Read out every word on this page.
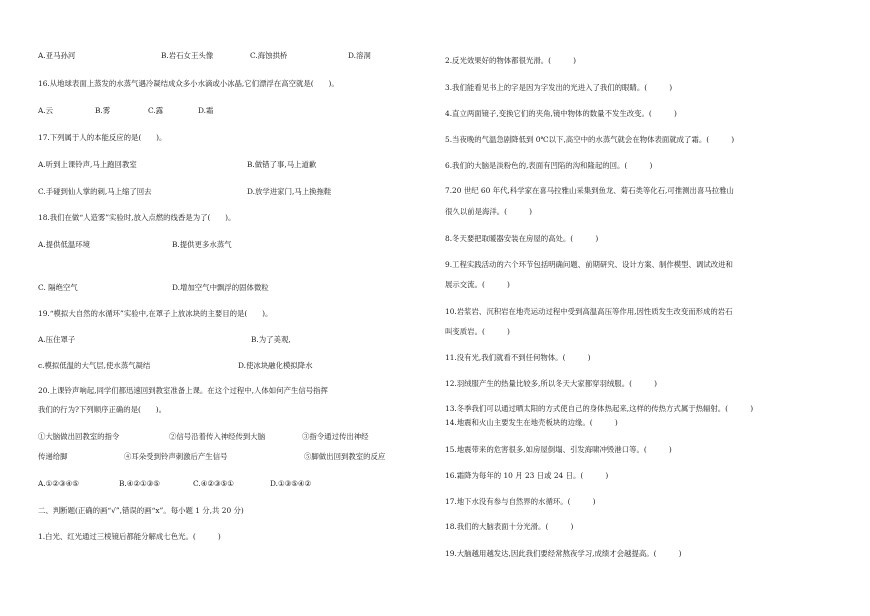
A.亚马孙河	B.岩石女王头像	C.海蚀拱桥	D.溶洞
16.从地球表面上蒸发的水蒸气遇冷凝结成众多小水滴或小冰晶,它们漂浮在高空就是(　　)。
A.云	B.雾	C.露	D.霜
17.下列属于人的本能反应的是(　　)。
A.听到上课铃声,马上跑回教室	B.做错了事,马上道歉
C.手碰到仙人掌的刺,马上缩了回去	D.放学进家门,马上换拖鞋
18.我们在做“人造雾”实验时,放入点燃的线香是为了(　　)。
A.提供低温环境	B.提供更多水蒸气
C. 隔绝空气	D.增加空气中飘浮的固体微粒
19.“模拟大自然的水循环”实验中,在罩子上放冰块的主要目的是(　　)。
A.压住罩子	B.为了美观,
c.模拟低温的大气层,使水蒸气凝结	D.使冰块融化模拟降水
20.上课铃声响起,同学们都迅速回到教室准备上课。在这个过程中,人体如何产生信号指挥
我们的行为?下列顺序正确的是(　　)。
①大脑做出回教室的指令	②信号沿着传入神经传到大脑	③指令通过传出神经
传递给脚	④耳朵受到铃声刺激后产生信号	⑤脚做出回到教室的反应
A.①②③④⑤	B.④②①③⑤	C.④②③⑤①	D.①③⑤④②
二、判断题(正确的画“√”,错误的画“x”。每小题 1 分,共 20 分)
1.白光、红光通过三棱镜后都能分解成七色光。(　　　)
2.反光效果好的物体都很光滑。(　　　)
3.我们能看见书上的字是因为字发出的光进入了我们的眼睛。(　　　)
4.直立两面镜子,变换它们的夹角,镜中物体的数量不发生改变。(　　　)
5.当夜晚的气温急剧降低到 0℃以下,高空中的水蒸气就会在物体表面就成了霜。(　　　)
6.我们的大脑是淡粉色的,表面有凹陷的沟和隆起的回。(　　　)
7.20 世纪 60 年代,科学家在喜马拉雅山采集到鱼龙、菊石类等化石,可推测出喜马拉雅山
很久以前是海洋。(　　　)
8.冬天要把取暖器安装在房屋的高处。(　　　)
9.工程实践活动的六个环节包括明确问题、前期研究、设计方案、制作模型、调试改进和
展示交流。(　　　)
10.岩浆岩、沉积岩在地壳运动过程中受到高温高压等作用,因性质发生改变而形成的岩石
叫变质岩。(　　　)
11.没有光,我们就看不到任何物体。(　　　)
12.羽绒服产生的热量比较多,所以冬天大家都穿羽绒服。(　　　)
13.冬季我们可以通过晒太阳的方式使自己的身体热起来,这样的传热方式属于热辐射。(　　　)
14.地震和火山主要发生在地壳板块的边缘。(　　　)
15.地震带来的危害很多,如房屋倒塌、引发海啸冲毁港口等。(　　　)
16.霜降为每年的 10 月 23 日或 24 日。(　　　)
17.地下水没有参与自然界的水循环。(　　　)
18.我们的大脑表面十分光滑。(　　　)
19.大脑越用越发达,因此我们要经常熬夜学习,成绩才会越提高。(　　　)
